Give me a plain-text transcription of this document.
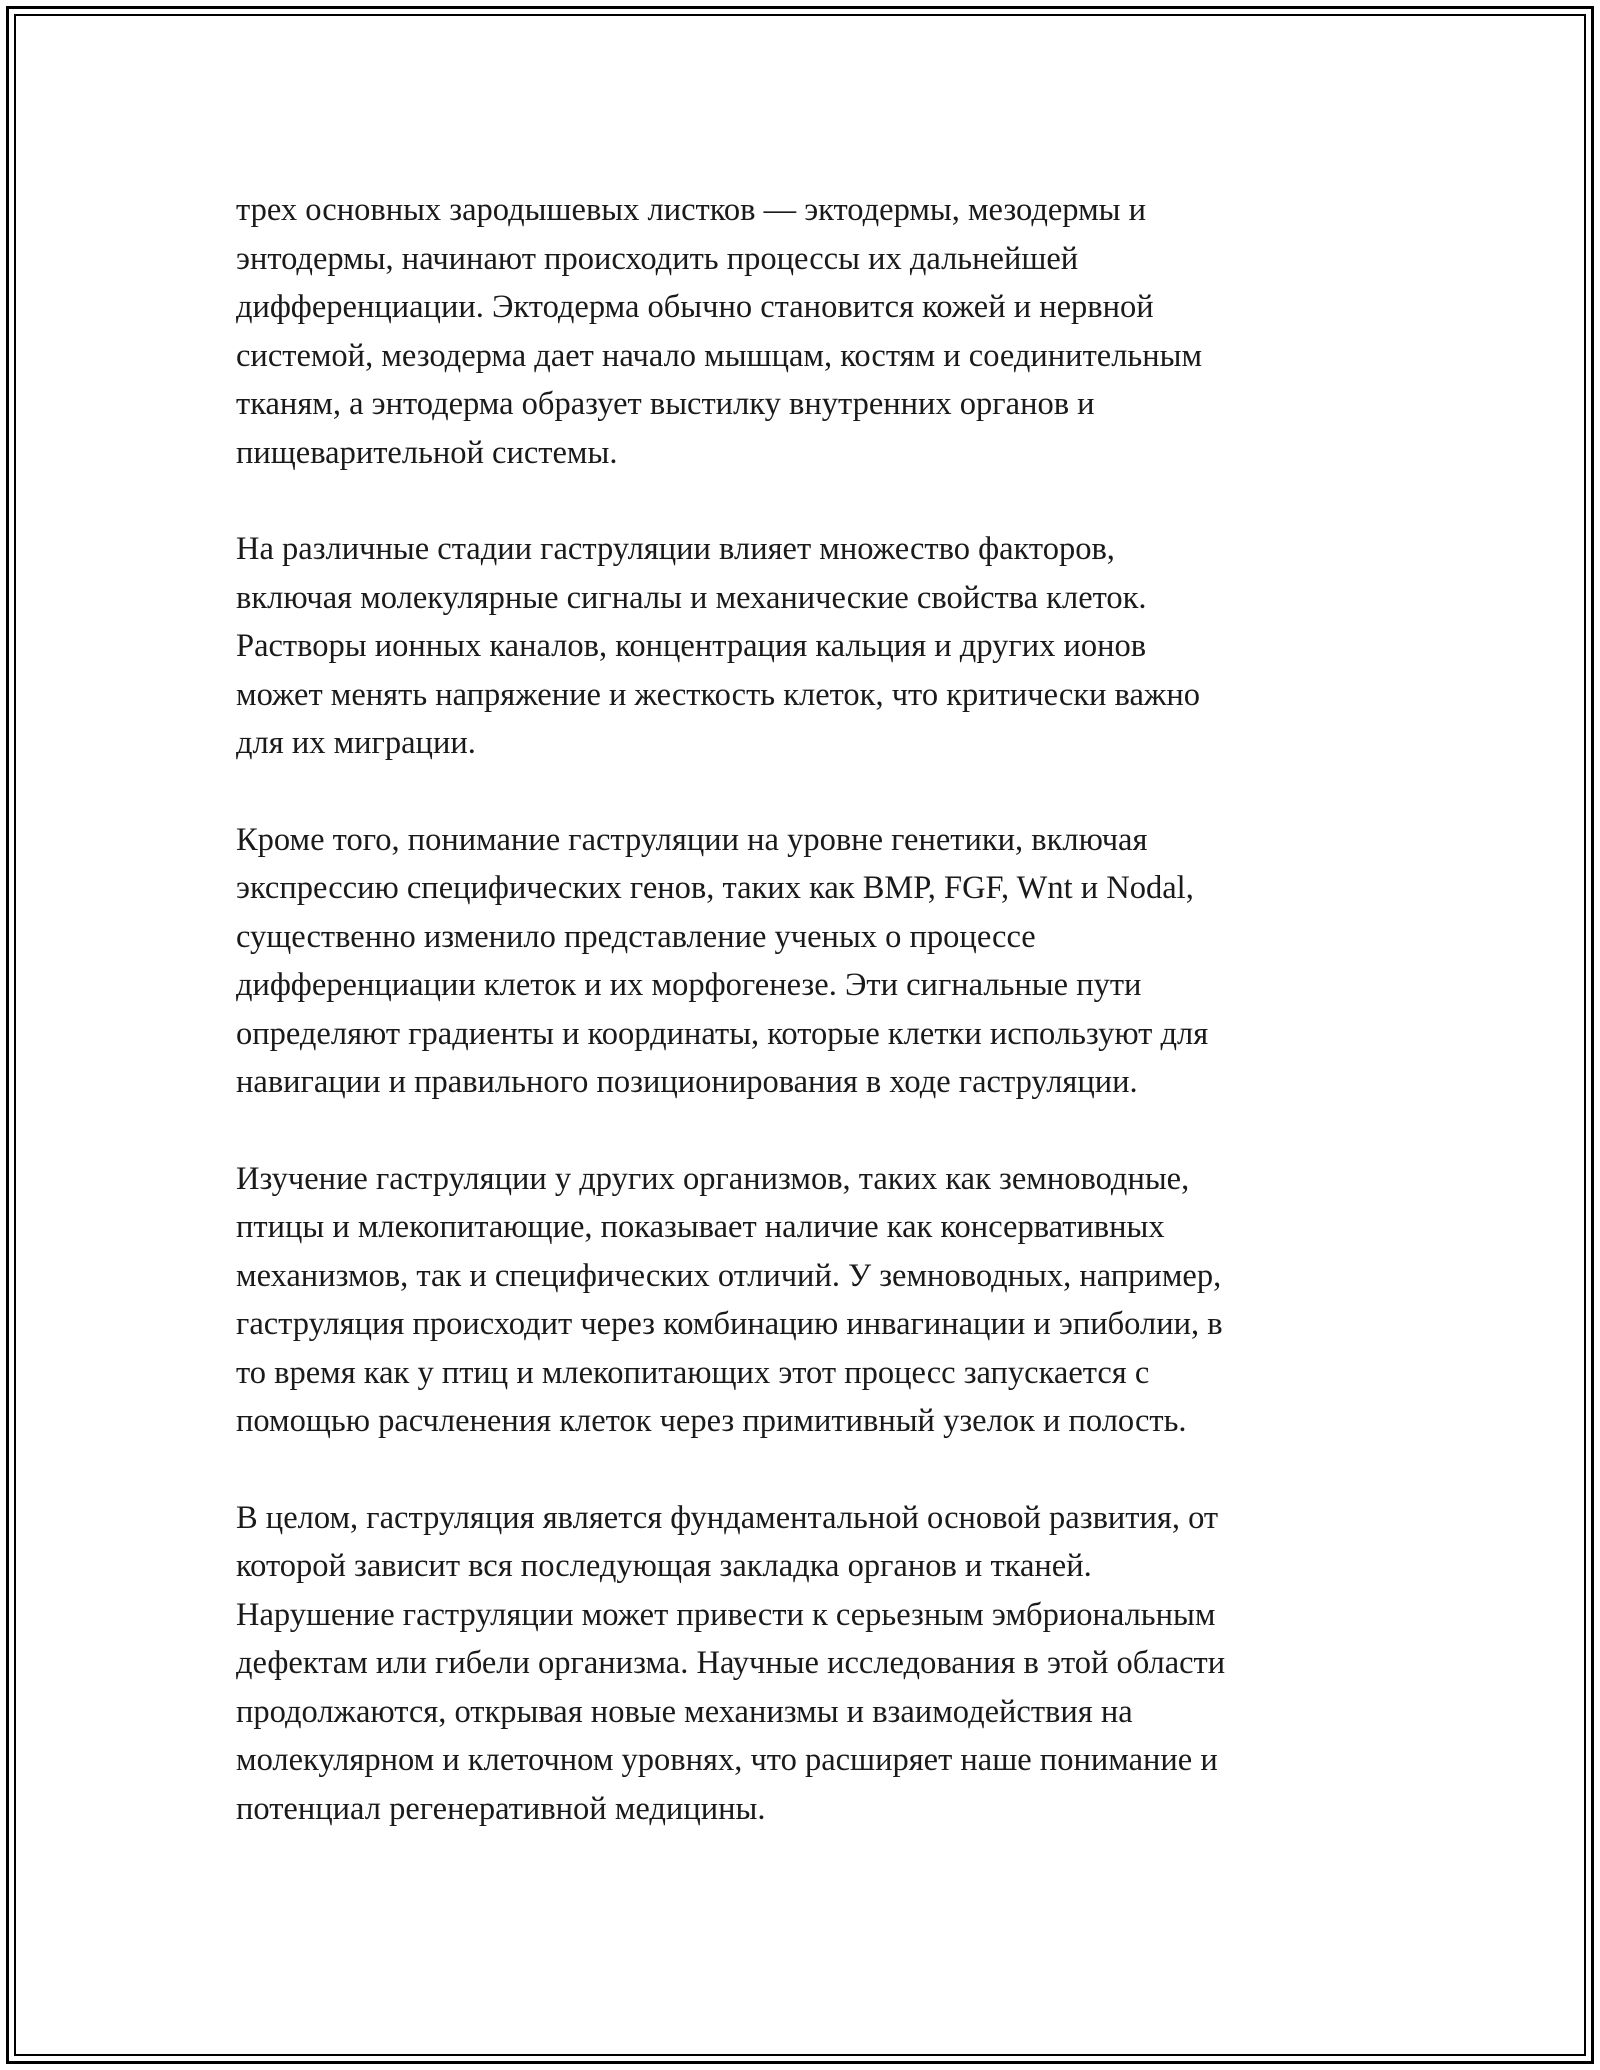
трех основных зародышевых листков — эктодермы, мезодермы и
энтодермы, начинают происходить процессы их дальнейшей
дифференциации. Эктодерма обычно становится кожей и нервной
системой, мезодерма дает начало мышцам, костям и соединительным
тканям, а энтодерма образует выстилку внутренних органов и
пищеварительной системы.

На различные стадии гаструляции влияет множество факторов,
включая молекулярные сигналы и механические свойства клеток.
Растворы ионных каналов, концентрация кальция и других ионов
может менять напряжение и жесткость клеток, что критически важно
для их миграции.

Кроме того, понимание гаструляции на уровне генетики, включая
экспрессию специфических генов, таких как BMP, FGF, Wnt и Nodal,
существенно изменило представление ученых о процессе
дифференциации клеток и их морфогенезе. Эти сигнальные пути
определяют градиенты и координаты, которые клетки используют для
навигации и правильного позиционирования в ходе гаструляции.

Изучение гаструляции у других организмов, таких как земноводные,
птицы и млекопитающие, показывает наличие как консервативных
механизмов, так и специфических отличий. У земноводных, например,
гаструляция происходит через комбинацию инвагинации и эпиболии, в
то время как у птиц и млекопитающих этот процесс запускается с
помощью расчленения клеток через примитивный узелок и полость.

В целом, гаструляция является фундаментальной основой развития, от
которой зависит вся последующая закладка органов и тканей.
Нарушение гаструляции может привести к серьезным эмбриональным
дефектам или гибели организма. Научные исследования в этой области
продолжаются, открывая новые механизмы и взаимодействия на
молекулярном и клеточном уровнях, что расширяет наше понимание и
потенциал регенеративной медицины.
